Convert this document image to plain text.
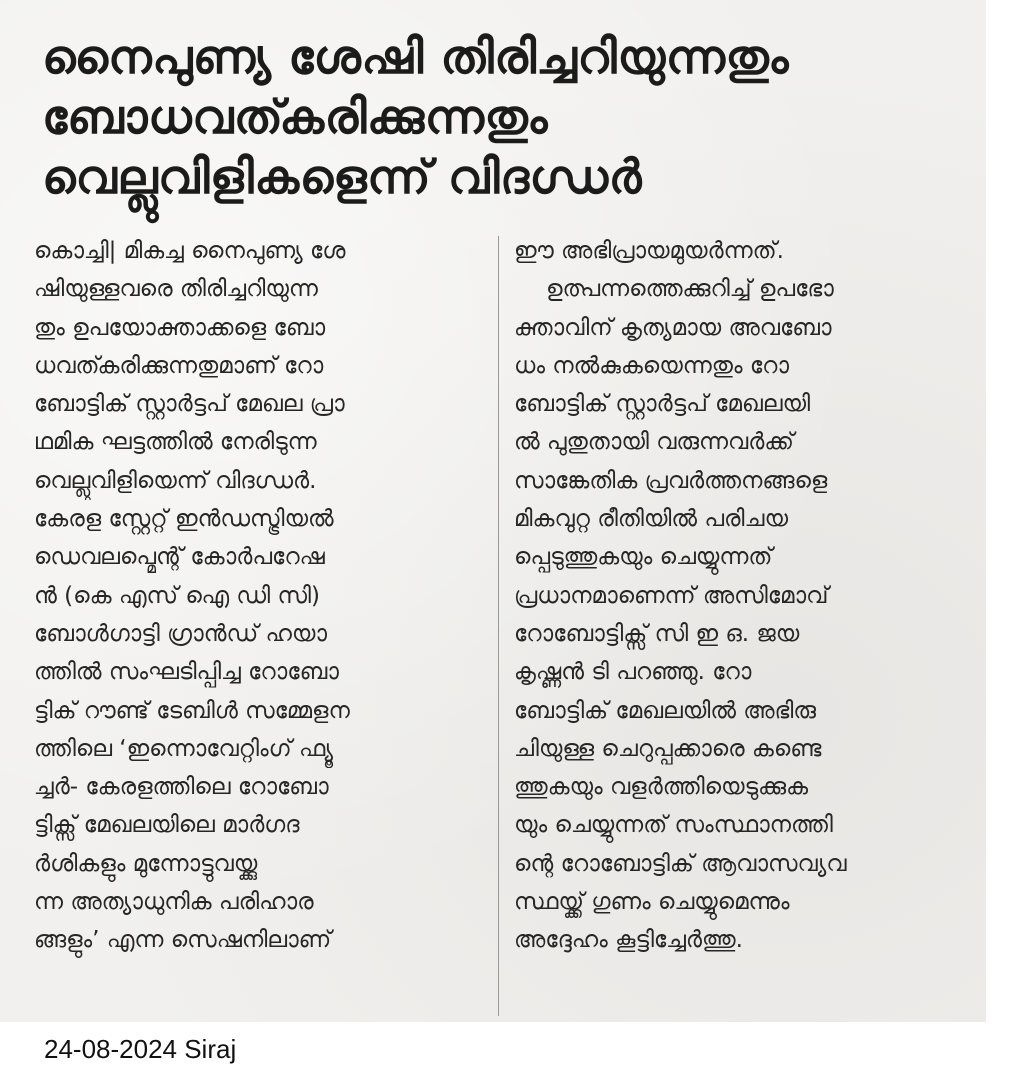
നൈപുണ്യ ശേഷി തിരിച്ചറിയുന്നതും
ബോധവത്കരിക്കുന്നതും
വെല്ലുവിളികളെന്ന് വിദഗ്ധർ
കൊച്ചി| മികച്ച നൈപുണ്യ ശേ
ഷിയുള്ളവരെ തിരിച്ചറിയുന്ന
തും ഉപയോക്താക്കളെ ബോ
ധവത്കരിക്കുന്നതുമാണ് റോ
ബോട്ടിക് സ്റ്റാർട്ടപ് മേഖല പ്രാ
ഥമിക ഘട്ടത്തിൽ നേരിടുന്ന
വെല്ലുവിളിയെന്ന് വിദഗ്ധർ.
കേരള സ്റ്റേറ്റ് ഇൻഡസ്ട്രിയൽ
ഡെവലപ്മെന്റ് കോർപറേഷ
ൻ (കെ എസ് ഐ ഡി സി)
ബോൾഗാട്ടി ഗ്രാൻഡ് ഹയാ
ത്തിൽ സംഘടിപ്പിച്ച റോബോ
ട്ടിക് റൗണ്ട് ടേബിൾ സമ്മേളന
ത്തിലെ ‘ഇന്നൊവേറ്റിംഗ് ഫ്യൂ
ച്ചർ- കേരളത്തിലെ റോബോ
ട്ടിക്സ് മേഖലയിലെ മാർഗദ
ർശികളും മുന്നോട്ടുവയ്ക്കു
ന്ന അത്യാധുനിക പരിഹാര
ങ്ങളും’ എന്ന സെഷനിലാണ്
ഈ അഭിപ്രായമുയർന്നത്.
ഉത്പന്നത്തെക്കുറിച്ച് ഉപഭോ
ക്താവിന് കൃത്യമായ അവബോ
ധം നൽകുകയെന്നതും റോ
ബോട്ടിക് സ്റ്റാർട്ടപ് മേഖലയി
ൽ പുതുതായി വരുന്നവർക്ക്
സാങ്കേതിക പ്രവർത്തനങ്ങളെ
മികവുറ്റ രീതിയിൽ പരിചയ
പ്പെടുത്തുകയും ചെയ്യുന്നത്
പ്രധാനമാണെന്ന് അസിമോവ്
റോബോട്ടിക്സ് സി ഇ ഒ. ജയ
കൃഷ്ണൻ ടി പറഞ്ഞു. റോ
ബോട്ടിക് മേഖലയിൽ അഭിരു
ചിയുള്ള ചെറുപ്പക്കാരെ കണ്ടെ
ത്തുകയും വളർത്തിയെടുക്കുക
യും ചെയ്യുന്നത് സംസ്ഥാനത്തി
ന്റെ റോബോട്ടിക് ആവാസവ്യവ
സ്ഥയ്ക്ക് ഗുണം ചെയ്യുമെന്നും
അദ്ദേഹം കൂട്ടിച്ചേർത്തു.
24-08-2024 Siraj
